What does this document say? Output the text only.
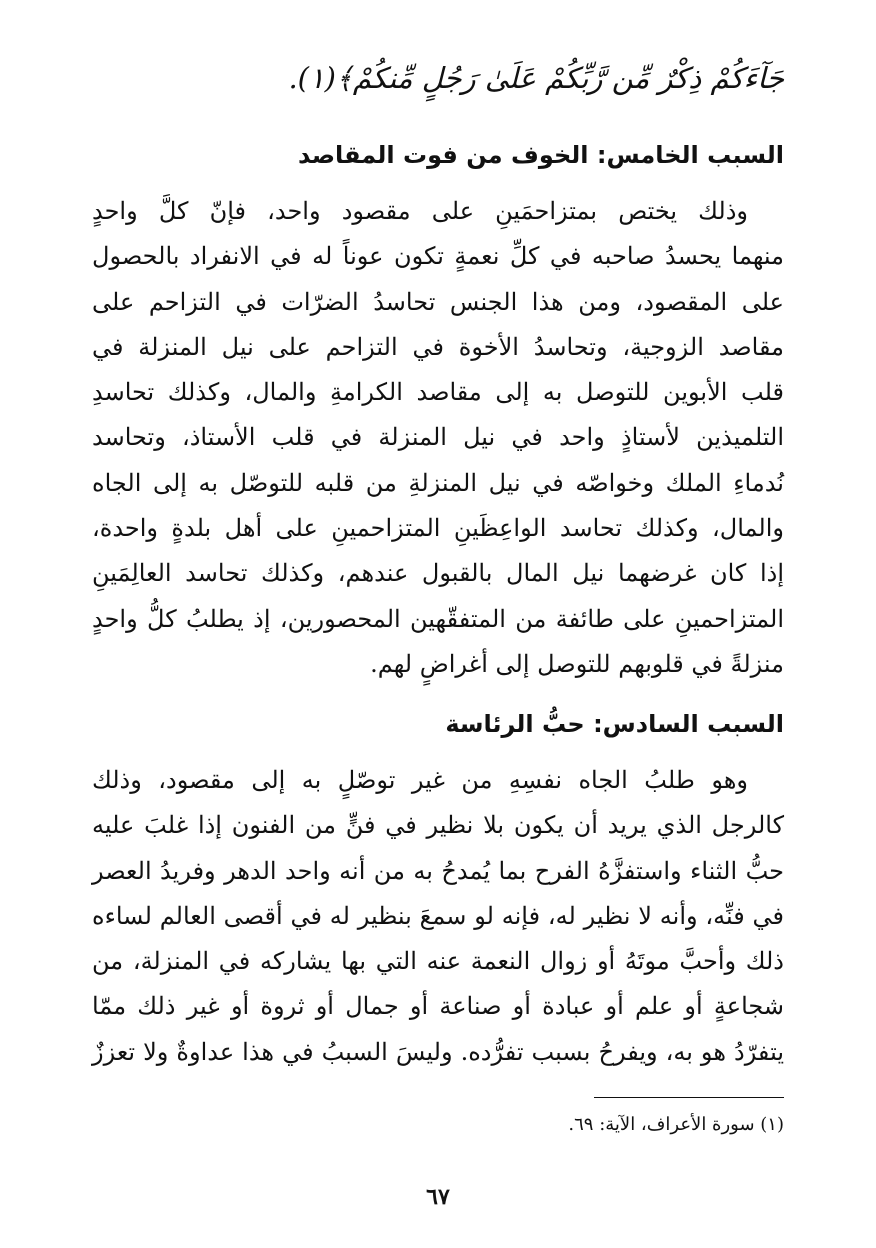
جَآءَكُمْ ذِكْرٌ مِّن رَّبِّكُمْ عَلَىٰ رَجُلٍ مِّنكُمْ﴾(١).
السبب الخامس: الخوف من فوت المقاصد
وذلك يختص بمتزاحمَينِ على مقصود واحد، فإنّ كلَّ واحدٍ
منهما يحسدُ صاحبه في كلِّ نعمةٍ تكون عوناً له في الانفراد بالحصول
على المقصود، ومن هذا الجنس تحاسدُ الضرّات في التزاحم على
مقاصد الزوجية، وتحاسدُ الأخوة في التزاحم على نيل المنزلة في
قلب الأبوين للتوصل به إلى مقاصد الكرامةِ والمال، وكذلك تحاسدِ
التلميذين لأستاذٍ واحد في نيل المنزلة في قلب الأستاذ، وتحاسد
نُدماءِ الملك وخواصّه في نيل المنزلةِ من قلبه للتوصّل به إلى الجاه
والمال، وكذلك تحاسد الواعِظَينِ المتزاحمينِ على أهل بلدةٍ واحدة،
إذا كان غرضهما نيل المال بالقبول عندهم، وكذلك تحاسد العالِمَينِ
المتزاحمينِ على طائفة من المتفقّهين المحصورين، إذ يطلبُ كلُّ واحدٍ
منزلةً في قلوبهم للتوصل إلى أغراضٍ لهم.
السبب السادس: حبُّ الرئاسة
وهو طلبُ الجاه نفسِهِ من غير توصّلٍ به إلى مقصود، وذلك
كالرجل الذي يريد أن يكون بلا نظير في فنٍّ من الفنون إذا غلبَ عليه
حبُّ الثناء واستفزَّهُ الفرح بما يُمدحُ به من أنه واحد الدهر وفريدُ العصر
في فنِّه، وأنه لا نظير له، فإنه لو سمعَ بنظير له في أقصى العالم لساءه
ذلك وأحبَّ موتَهُ أو زوال النعمة عنه التي بها يشاركه في المنزلة، من
شجاعةٍ أو علم أو عبادة أو صناعة أو جمال أو ثروة أو غير ذلك ممّا
يتفرّدُ هو به، ويفرحُ بسبب تفرُّده. وليسَ السببُ في هذا عداوةٌ ولا تعززٌ
(١) سورة الأعراف، الآية: ٦٩.
٦٧
